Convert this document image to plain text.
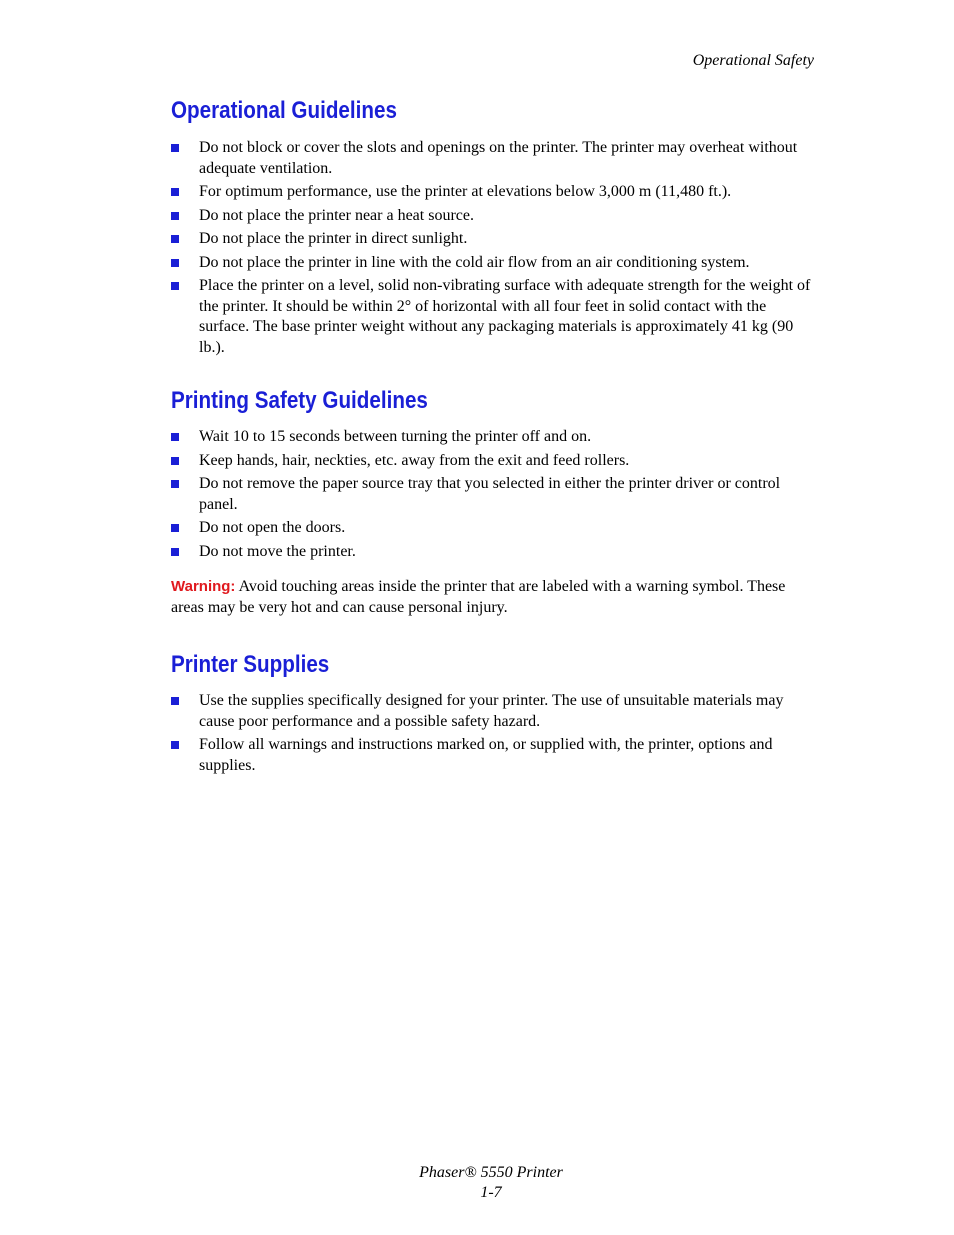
Operational Safety
Operational Guidelines
Do not block or cover the slots and openings on the printer. The printer may overheat without adequate ventilation.
For optimum performance, use the printer at elevations below 3,000 m (11,480 ft.).
Do not place the printer near a heat source.
Do not place the printer in direct sunlight.
Do not place the printer in line with the cold air flow from an air conditioning system.
Place the printer on a level, solid non-vibrating surface with adequate strength for the weight of the printer. It should be within 2° of horizontal with all four feet in solid contact with the surface. The base printer weight without any packaging materials is approximately 41 kg (90 lb.).
Printing Safety Guidelines
Wait 10 to 15 seconds between turning the printer off and on.
Keep hands, hair, neckties, etc. away from the exit and feed rollers.
Do not remove the paper source tray that you selected in either the printer driver or control panel.
Do not open the doors.
Do not move the printer.

Warning: Avoid touching areas inside the printer that are labeled with a warning symbol. These areas may be very hot and can cause personal injury.

Printer Supplies
Use the supplies specifically designed for your printer. The use of unsuitable materials may cause poor performance and a possible safety hazard.
Follow all warnings and instructions marked on, or supplied with, the printer, options and supplies.
Phaser® 5550 Printer
1-7
